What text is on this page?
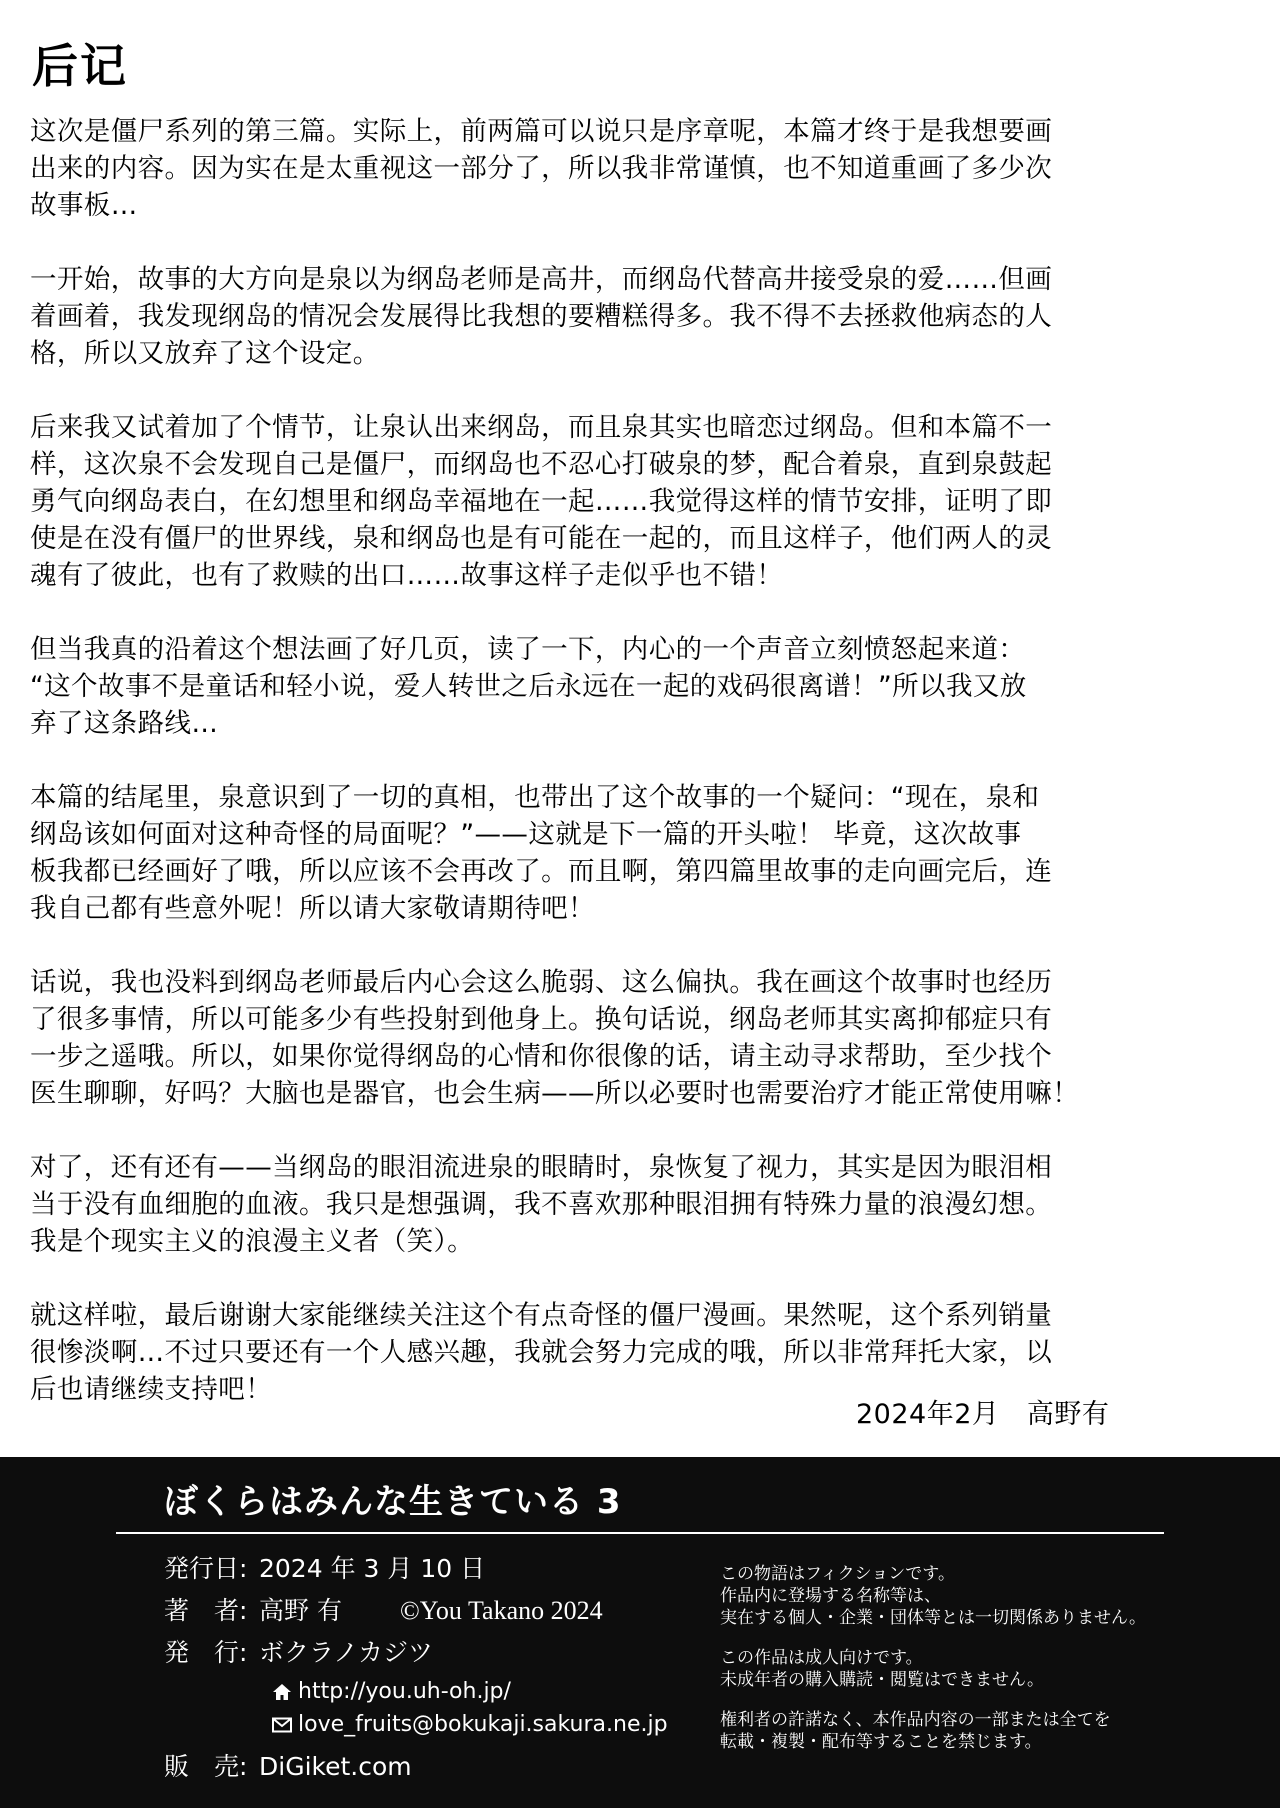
后记

这次是僵尸系列的第三篇。实际上，前两篇可以说只是序章呢，本篇才终于是我想要画
出来的内容。因为实在是太重视这一部分了，所以我非常谨慎，也不知道重画了多少次
故事板…

一开始，故事的大方向是泉以为纲岛老师是高井，而纲岛代替高井接受泉的爱……但画
着画着，我发现纲岛的情况会发展得比我想的要糟糕得多。我不得不去拯救他病态的人
格，所以又放弃了这个设定。

后来我又试着加了个情节，让泉认出来纲岛，而且泉其实也暗恋过纲岛。但和本篇不一
样，这次泉不会发现自己是僵尸，而纲岛也不忍心打破泉的梦，配合着泉，直到泉鼓起
勇气向纲岛表白，在幻想里和纲岛幸福地在一起……我觉得这样的情节安排，证明了即
使是在没有僵尸的世界线，泉和纲岛也是有可能在一起的，而且这样子，他们两人的灵
魂有了彼此，也有了救赎的出口……故事这样子走似乎也不错！

但当我真的沿着这个想法画了好几页，读了一下，内心的一个声音立刻愤怒起来道：
“这个故事不是童话和轻小说，爱人转世之后永远在一起的戏码很离谱！”所以我又放
弃了这条路线…

本篇的结尾里，泉意识到了一切的真相，也带出了这个故事的一个疑问：“现在，泉和
纲岛该如何面对这种奇怪的局面呢？”——这就是下一篇的开头啦！ 毕竟，这次故事
板我都已经画好了哦，所以应该不会再改了。而且啊，第四篇里故事的走向画完后，连
我自己都有些意外呢！所以请大家敬请期待吧！

话说，我也没料到纲岛老师最后内心会这么脆弱、这么偏执。我在画这个故事时也经历
了很多事情，所以可能多少有些投射到他身上。换句话说，纲岛老师其实离抑郁症只有
一步之遥哦。所以，如果你觉得纲岛的心情和你很像的话，请主动寻求帮助，至少找个
医生聊聊，好吗？大脑也是器官，也会生病——所以必要时也需要治疗才能正常使用嘛！

对了，还有还有——当纲岛的眼泪流进泉的眼睛时，泉恢复了视力，其实是因为眼泪相
当于没有血细胞的血液。我只是想强调，我不喜欢那种眼泪拥有特殊力量的浪漫幻想。
我是个现实主义的浪漫主义者（笑）。

就这样啦，最后谢谢大家能继续关注这个有点奇怪的僵尸漫画。果然呢，这个系列销量
很惨淡啊…不过只要还有一个人感兴趣，我就会努力完成的哦，所以非常拜托大家，以
后也请继续支持吧！

2024年2月　高野有
ぼくらはみんな生きている 3
発行日: 2024 年 3 月 10 日
著　者: 高野 有 ©You Takano 2024
発　行: ボクラノカジツ
http://you.uh-oh.jp/
love_fruits@bokukaji.sakura.ne.jp
販　売: DiGiket.com
この物語はフィクションです。
作品内に登場する名称等は、
実在する個人・企業・団体等とは一切関係ありません。
この作品は成人向けです。
未成年者の購入購読・閲覧はできません。
権利者の許諾なく、本作品内容の一部または全てを
転載・複製・配布等することを禁じます。
